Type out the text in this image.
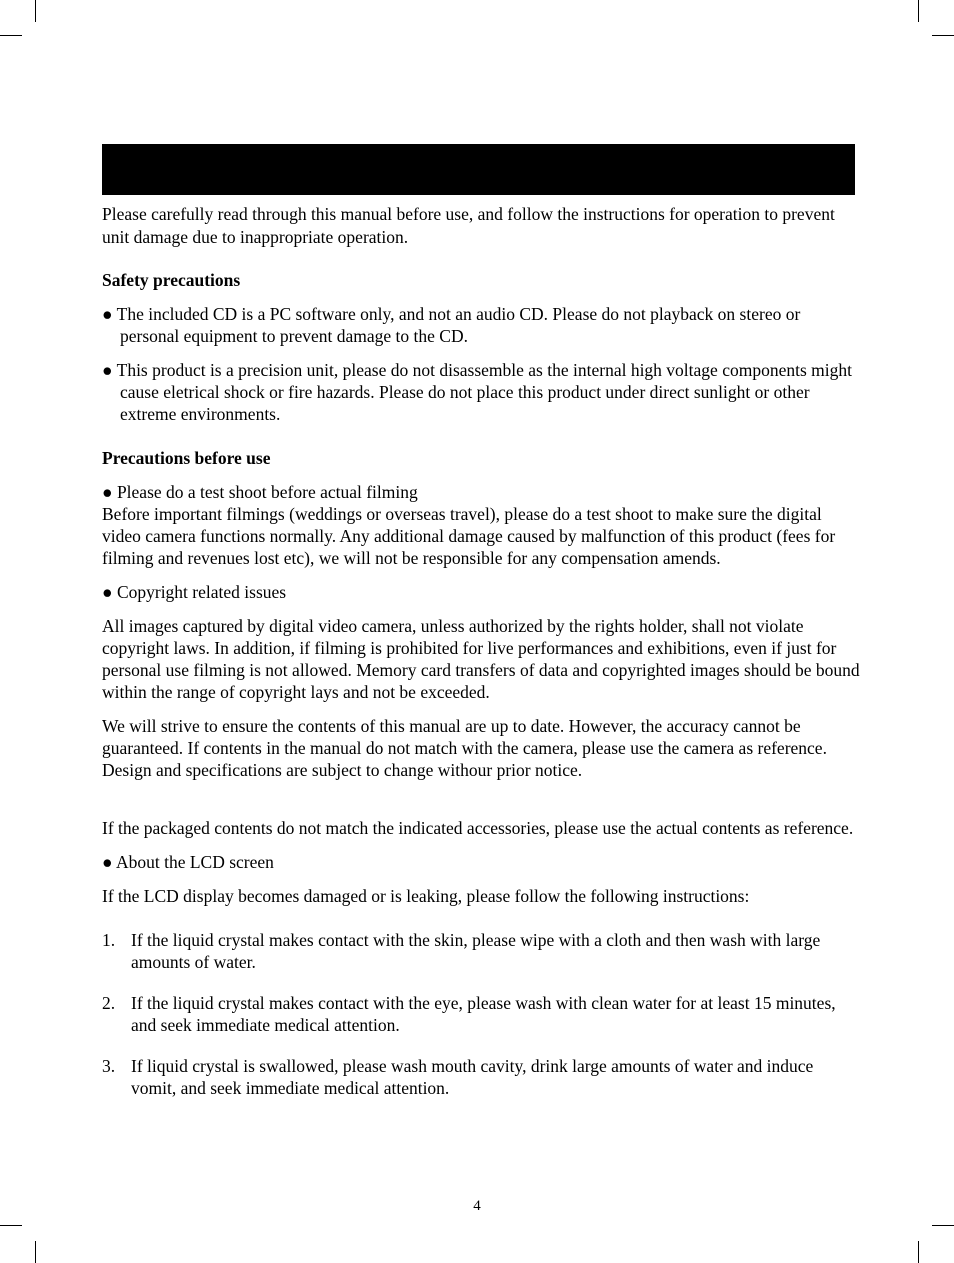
Please carefully read through this manual before use, and follow the instructions for operation to prevent unit damage due to inappropriate operation.

Safety precautions

● The included CD is a PC software only, and not an audio CD. Please do not playback on stereo or personal equipment to prevent damage to the CD.

● This product is a precision unit, please do not disassemble as the internal high voltage components might cause eletrical shock or fire hazards. Please do not place this product under direct sunlight or other extreme environments.

Precautions before use

● Please do a test shoot before actual filming

Before important filmings (weddings or overseas travel), please do a test shoot to make sure the digital video camera functions normally. Any additional damage caused by malfunction of this product (fees for filming and revenues lost etc), we will not be responsible for any compensation amends.

● Copyright related issues

All images captured by digital video camera, unless authorized by the rights holder, shall not violate copyright laws. In addition, if filming is prohibited for live performances and exhibitions, even if just for personal use filming is not allowed. Memory card transfers of data and copyrighted images should be bound within the range of copyright lays and not be exceeded.

We will strive to ensure the contents of this manual are up to date. However, the accuracy cannot be guaranteed. If contents in the manual do not match with the camera, please use the camera as reference. Design and specifications are subject to change withour prior notice.

If the packaged contents do not match the indicated accessories, please use the actual contents as reference.

● About the LCD screen

If the LCD display becomes damaged or is leaking, please follow the following instructions:

1. If the liquid crystal makes contact with the skin, please wipe with a cloth and then wash with large amounts of water.
2. If the liquid crystal makes contact with the eye, please wash with clean water for at least 15 minutes, and seek immediate medical attention.
3. If liquid crystal is swallowed, please wash mouth cavity, drink large amounts of water and induce vomit, and seek immediate medical attention.
4
